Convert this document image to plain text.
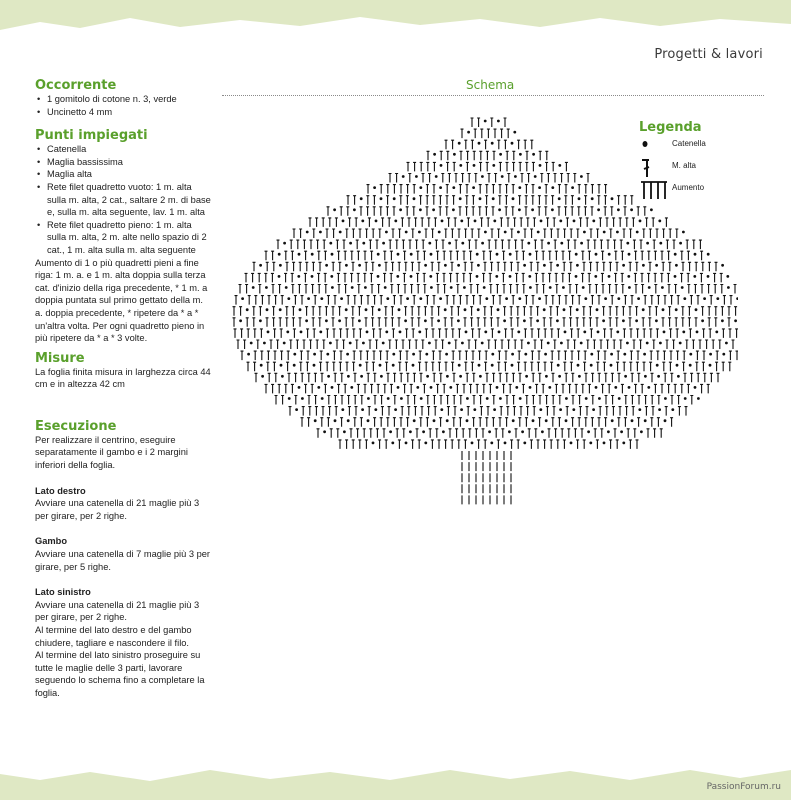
Progetti & lavori
Occorrente
• 1 gomitolo di cotone n. 3, verde
• Uncinetto 4 mm
Punti impiegati
• Catenella
• Maglia bassissima
• Maglia alta
• Rete filet quadretto vuoto: 1 m. alta sulla m. alta, 2 cat., saltare 2 m. di base e, sulla m. alta seguente, lav. 1 m. alta
• Rete filet quadretto pieno: 1 m. alta sulla m. alta, 2 m. alte nello spazio di 2 cat., 1 m. alta sulla m. alta seguente

Aumento di 1 o più quadretti pieni a fine riga: 1 m. a. e 1 m. alta doppia sulla terza cat. d'inizio della riga precedente, * 1 m. a doppia puntata sul primo gettato della m. a. doppia precedente, * ripetere da * a * un'altra volta. Per ogni quadretto pieno in più ripetere da * a * 3 volte.

Misure

La foglia finita misura in larghezza circa 44 cm e in altezza 42 cm

Esecuzione

Per realizzare il centrino, eseguire separatamente il gambo e i 2 margini inferiori della foglia.

Lato destro

Avviare una catenella di 21 maglie più 3 per girare, per 2 righe.

Gambo

Avviare una catenella di 7 maglie più 3 per girare, per 5 righe.

Lato sinistro

Avviare una catenella di 21 maglie più 3 per girare, per 2 righe.

Al termine del lato destro e del gambo chiudere, tagliare e nascondere il filo.

Al termine del lato sinistro proseguire su tutte le maglie delle 3 parti, lavorare seguendo lo schema fino a completare la foglia.

Schema
Legenda
Catenella
M. alta
Aumento
PassionForum.ru
